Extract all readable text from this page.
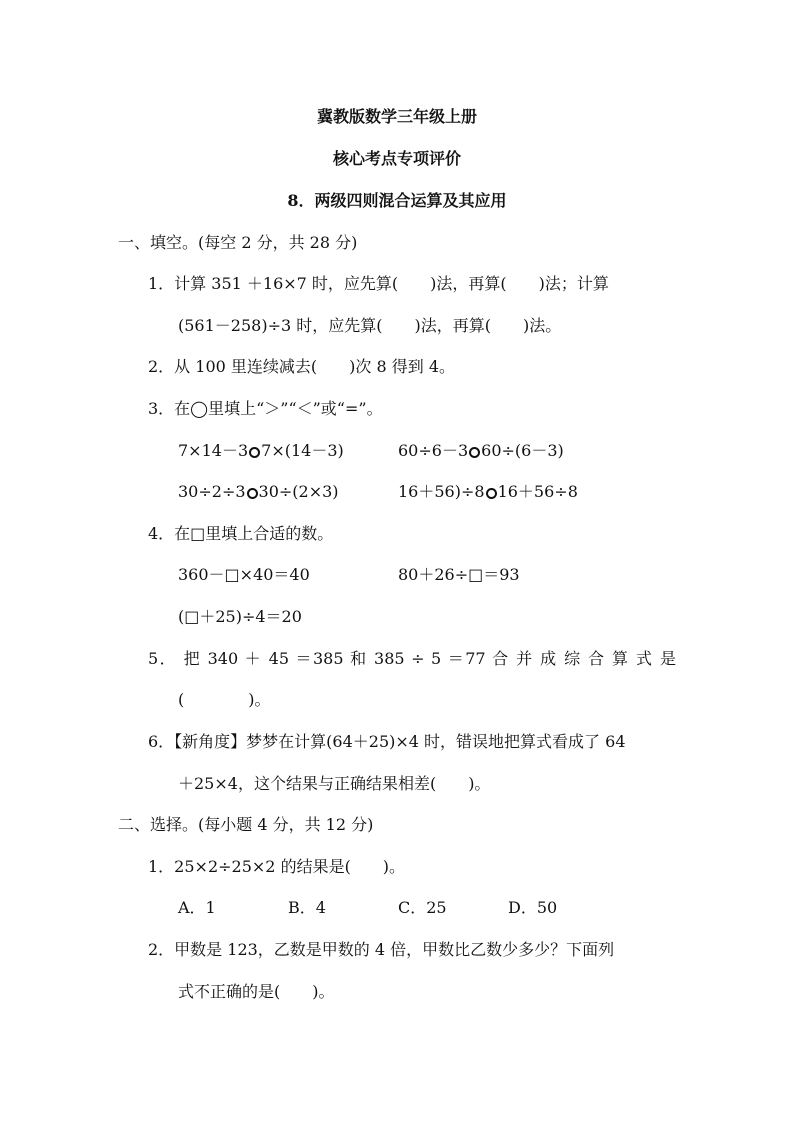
冀教版数学三年级上册
核心考点专项评价
8．两级四则混合运算及其应用
一、填空。(每空 2 分，共 28 分)
1．计算 351 ＋16×7 时，应先算(　　)法，再算(　　)法；计算
(561－258)÷3 时，应先算(　　)法，再算(　　)法。
2．从 100 里连续减去(　　)次 8 得到 4。
3．在◯里填上“＞”“＜”或“=”。
7×14－3 7×(14－3)	60÷6－3 60÷(6－3)
30÷2÷3 30÷(2×3)	16＋56)÷8 16＋56÷8
4．在□里填上合适的数。
360－□×40＝40	80＋26÷□＝93
(□＋25)÷4＝20
5． 把 340 ＋ 45 ＝385 和 385 ÷ 5 ＝77 合 并 成 综 合 算 式 是
(　　　　)。
6．【新角度】梦梦在计算(64＋25)×4 时，错误地把算式看成了 64
＋25×4，这个结果与正确结果相差(　　)。
二、选择。(每小题 4 分，共 12 分)
1．25×2÷25×2 的结果是(　　)。
A．1	B．4	C．25	D．50
2．甲数是 123，乙数是甲数的 4 倍，甲数比乙数少多少？下面列
式不正确的是(　　)。
